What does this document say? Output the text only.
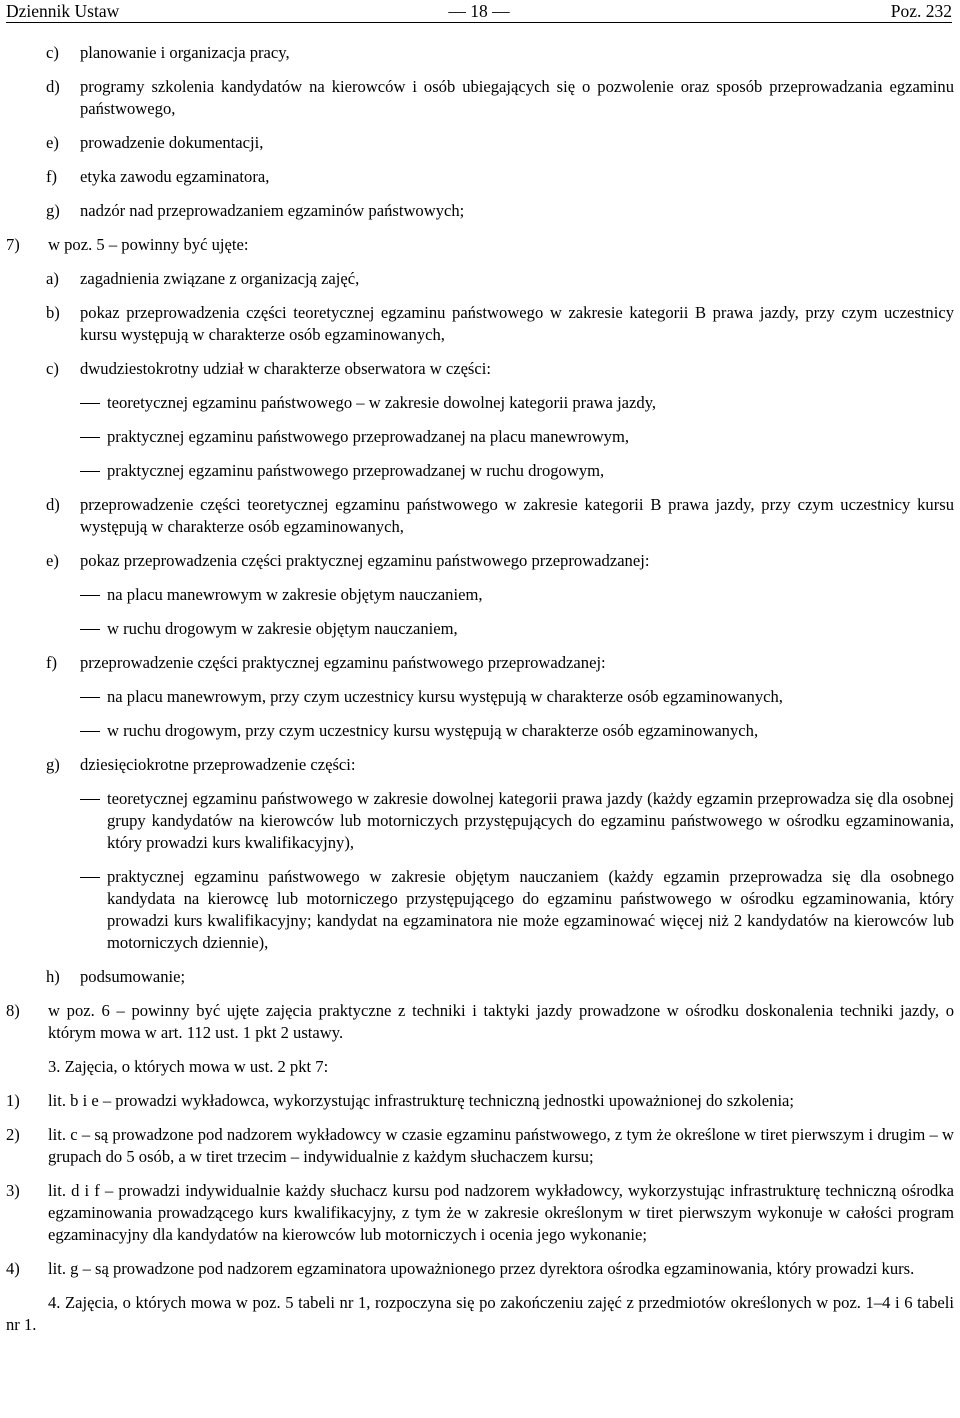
Dziennik Ustaw	— 18 —	Poz. 232
c) planowanie i organizacja pracy,
d) programy szkolenia kandydatów na kierowców i osób ubiegających się o pozwolenie oraz sposób przeprowadzania egzaminu państwowego,
e) prowadzenie dokumentacji,
f) etyka zawodu egzaminatora,
g) nadzór nad przeprowadzaniem egzaminów państwowych;
7) w poz. 5 – powinny być ujęte:
a) zagadnienia związane z organizacją zajęć,
b) pokaz przeprowadzenia części teoretycznej egzaminu państwowego w zakresie kategorii B prawa jazdy, przy czym uczestnicy kursu występują w charakterze osób egzaminowanych,
c) dwudziestokrotny udział w charakterze obserwatora w części:
teoretycznej egzaminu państwowego – w zakresie dowolnej kategorii prawa jazdy,
praktycznej egzaminu państwowego przeprowadzanej na placu manewrowym,
praktycznej egzaminu państwowego przeprowadzanej w ruchu drogowym,
d) przeprowadzenie części teoretycznej egzaminu państwowego w zakresie kategorii B prawa jazdy, przy czym uczestnicy kursu występują w charakterze osób egzaminowanych,
e) pokaz przeprowadzenia części praktycznej egzaminu państwowego przeprowadzanej:
na placu manewrowym w zakresie objętym nauczaniem,
w ruchu drogowym w zakresie objętym nauczaniem,
f) przeprowadzenie części praktycznej egzaminu państwowego przeprowadzanej:
na placu manewrowym, przy czym uczestnicy kursu występują w charakterze osób egzaminowanych,
w ruchu drogowym, przy czym uczestnicy kursu występują w charakterze osób egzaminowanych,
g) dziesięciokrotne przeprowadzenie części:
teoretycznej egzaminu państwowego w zakresie dowolnej kategorii prawa jazdy (każdy egzamin przeprowadza się dla osobnej grupy kandydatów na kierowców lub motorniczych przystępujących do egzaminu państwowego w ośrodku egzaminowania, który prowadzi kurs kwalifikacyjny),
praktycznej egzaminu państwowego w zakresie objętym nauczaniem (każdy egzamin przeprowadza się dla osobnego kandydata na kierowcę lub motorniczego przystępującego do egzaminu państwowego w ośrodku egzaminowania, który prowadzi kurs kwalifikacyjny; kandydat na egzaminatora nie może egzaminować więcej niż 2 kandydatów na kierowców lub motorniczych dziennie),
h) podsumowanie;
8) w poz. 6 – powinny być ujęte zajęcia praktyczne z techniki i taktyki jazdy prowadzone w ośrodku doskonalenia techniki jazdy, o którym mowa w art. 112 ust. 1 pkt 2 ustawy.
3. Zajęcia, o których mowa w ust. 2 pkt 7:
1) lit. b i e – prowadzi wykładowca, wykorzystując infrastrukturę techniczną jednostki upoważnionej do szkolenia;
2) lit. c – są prowadzone pod nadzorem wykładowcy w czasie egzaminu państwowego, z tym że określone w tiret pierwszym i drugim – w grupach do 5 osób, a w tiret trzecim – indywidualnie z każdym słuchaczem kursu;
3) lit. d i f – prowadzi indywidualnie każdy słuchacz kursu pod nadzorem wykładowcy, wykorzystując infrastrukturę techniczną ośrodka egzaminowania prowadzącego kurs kwalifikacyjny, z tym że w zakresie określonym w tiret pierwszym wykonuje w całości program egzaminacyjny dla kandydatów na kierowców lub motorniczych i ocenia jego wykonanie;
4) lit. g – są prowadzone pod nadzorem egzaminatora upoważnionego przez dyrektora ośrodka egzaminowania, który prowadzi kurs.
4. Zajęcia, o których mowa w poz. 5 tabeli nr 1, rozpoczyna się po zakończeniu zajęć z przedmiotów określonych w poz. 1–4 i 6 tabeli nr 1.
